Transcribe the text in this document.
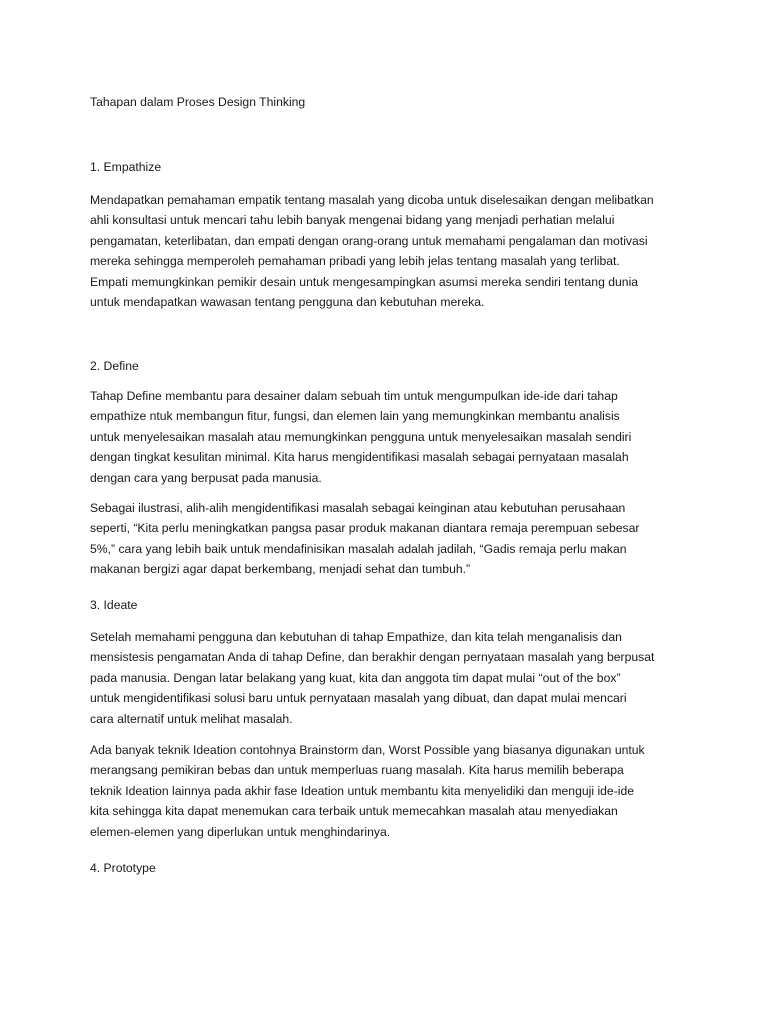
Tahapan dalam Proses Design Thinking
1. Empathize
Mendapatkan pemahaman empatik tentang masalah yang dicoba untuk diselesaikan dengan melibatkan
ahli konsultasi untuk mencari tahu lebih banyak mengenai bidang yang menjadi perhatian melalui
pengamatan, keterlibatan, dan empati dengan orang-orang untuk memahami pengalaman dan motivasi
mereka sehingga memperoleh pemahaman pribadi yang lebih jelas tentang masalah yang terlibat.
Empati memungkinkan pemikir desain untuk mengesampingkan asumsi mereka sendiri tentang dunia
untuk mendapatkan wawasan tentang pengguna dan kebutuhan mereka.
2. Define
Tahap Define membantu para desainer dalam sebuah tim untuk mengumpulkan ide-ide dari tahap
empathize ntuk membangun fitur, fungsi, dan elemen lain yang memungkinkan membantu analisis
untuk menyelesaikan masalah atau memungkinkan pengguna untuk menyelesaikan masalah sendiri
dengan tingkat kesulitan minimal. Kita harus mengidentifikasi masalah sebagai pernyataan masalah
dengan cara yang berpusat pada manusia.
Sebagai ilustrasi, alih-alih mengidentifikasi masalah sebagai keinginan atau kebutuhan perusahaan
seperti, “Kita perlu meningkatkan pangsa pasar produk makanan diantara remaja perempuan sebesar
5%,” cara yang lebih baik untuk mendafinisikan masalah adalah jadilah, “Gadis remaja perlu makan
makanan bergizi agar dapat berkembang, menjadi sehat dan tumbuh.”
3. Ideate
Setelah memahami pengguna dan kebutuhan di tahap Empathize, dan kita telah menganalisis dan
mensistesis pengamatan Anda di tahap Define, dan berakhir dengan pernyataan masalah yang berpusat
pada manusia. Dengan latar belakang yang kuat, kita dan anggota tim dapat mulai “out of the box”
untuk mengidentifikasi solusi baru untuk pernyataan masalah yang dibuat, dan dapat mulai mencari
cara alternatif untuk melihat masalah.
Ada banyak teknik Ideation contohnya Brainstorm dan, Worst Possible yang biasanya digunakan untuk
merangsang pemikiran bebas dan untuk memperluas ruang masalah. Kita harus memilih beberapa
teknik Ideation lainnya pada akhir fase Ideation untuk membantu kita menyelidiki dan menguji ide-ide
kita sehingga kita dapat menemukan cara terbaik untuk memecahkan masalah atau menyediakan
elemen-elemen yang diperlukan untuk menghindarinya.
4. Prototype
